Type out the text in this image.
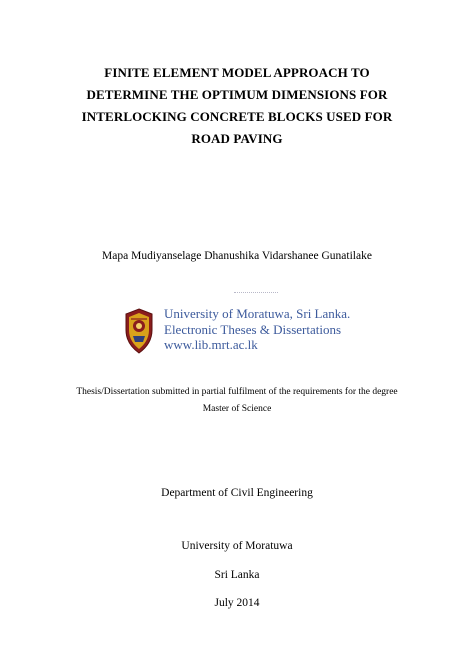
FINITE ELEMENT MODEL APPROACH TO
DETERMINE THE OPTIMUM DIMENSIONS FOR
INTERLOCKING CONCRETE BLOCKS USED FOR
ROAD PAVING
Mapa Mudiyanselage Dhanushika Vidarshanee Gunatilake
University of Moratuwa, Sri Lanka.
Electronic Theses & Dissertations
www.lib.mrt.ac.lk
Thesis/Dissertation submitted in partial fulfilment of the requirements for the degree
Master of Science
Department of Civil Engineering
University of Moratuwa
Sri Lanka
July 2014
